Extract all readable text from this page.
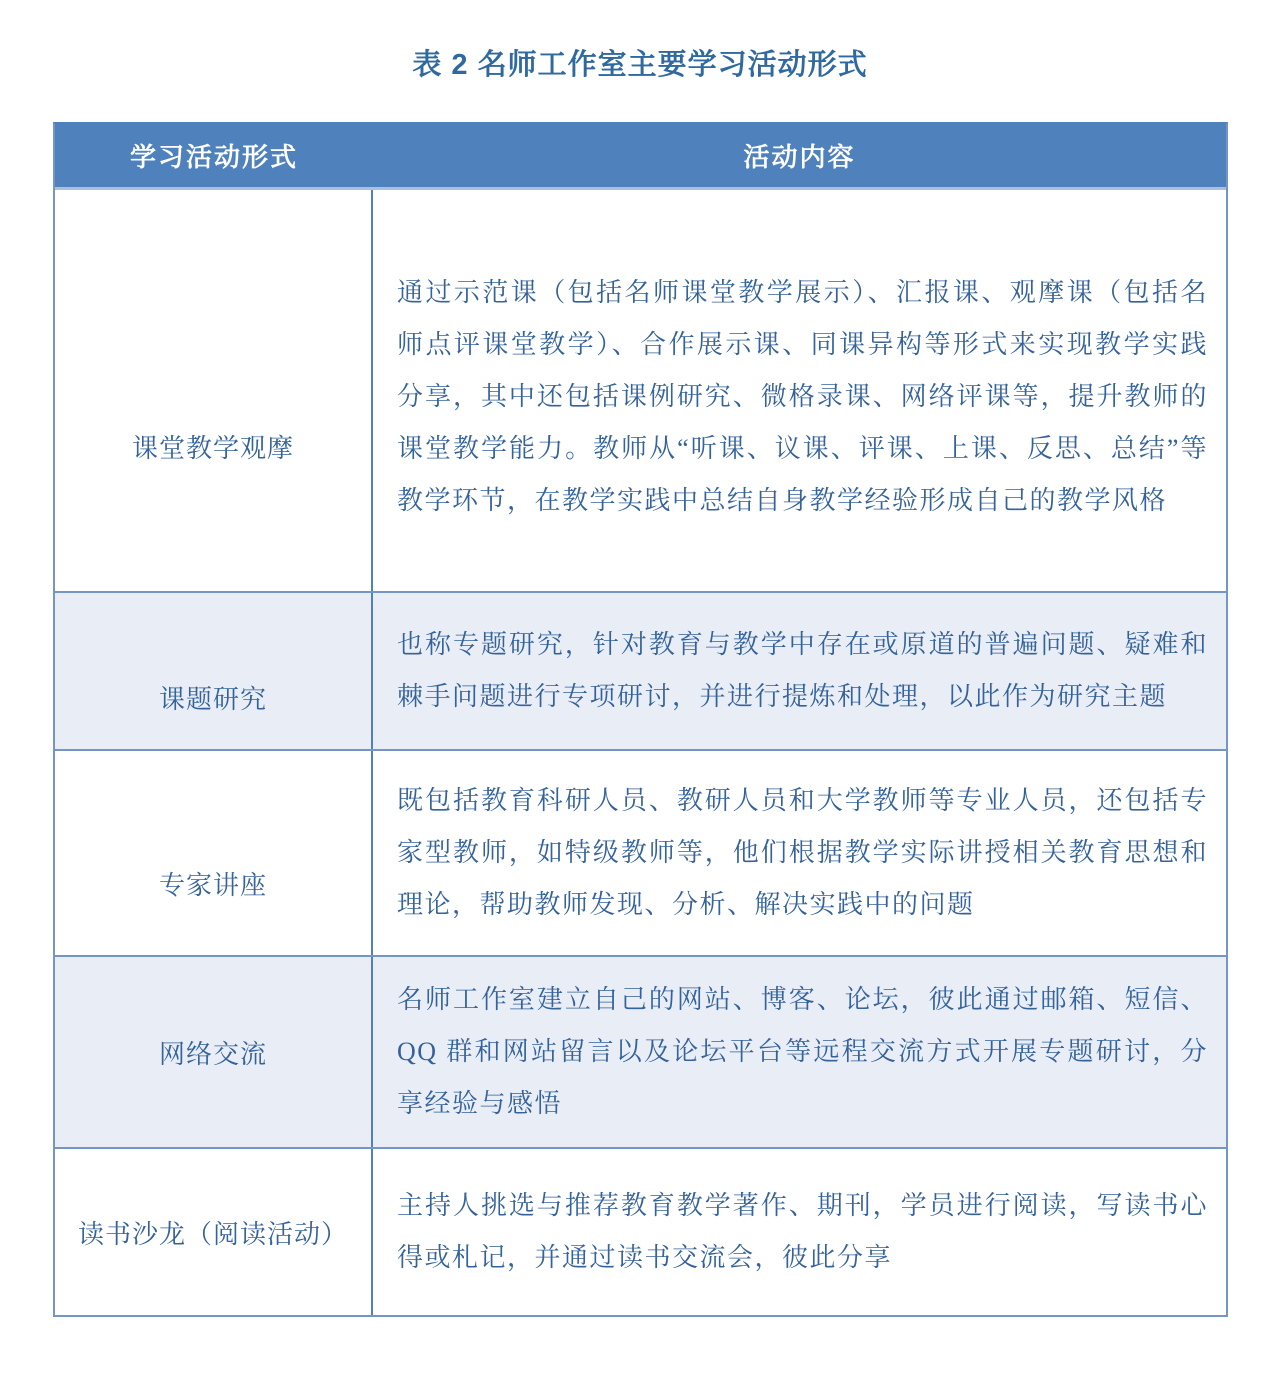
表 2 名师工作室主要学习活动形式
学习活动形式	活动内容
课堂教学观摩
通过示范课（包括名师课堂教学展示）、汇报课、观摩课（包括名师点评课堂教学）、合作展示课、同课异构等形式来实现教学实践分享，其中还包括课例研究、微格录课、网络评课等，提升教师的课堂教学能力。教师从“听课、议课、评课、上课、反思、总结”等教学环节，在教学实践中总结自身教学经验形成自己的教学风格
课题研究
也称专题研究，针对教育与教学中存在或原道的普遍问题、疑难和棘手问题进行专项研讨，并进行提炼和处理，以此作为研究主题
专家讲座
既包括教育科研人员、教研人员和大学教师等专业人员，还包括专家型教师，如特级教师等，他们根据教学实际讲授相关教育思想和理论，帮助教师发现、分析、解决实践中的问题
网络交流
名师工作室建立自己的网站、博客、论坛，彼此通过邮箱、短信、QQ 群和网站留言以及论坛平台等远程交流方式开展专题研讨，分享经验与感悟
读书沙龙（阅读活动）
主持人挑选与推荐教育教学著作、期刊，学员进行阅读，写读书心得或札记，并通过读书交流会，彼此分享
